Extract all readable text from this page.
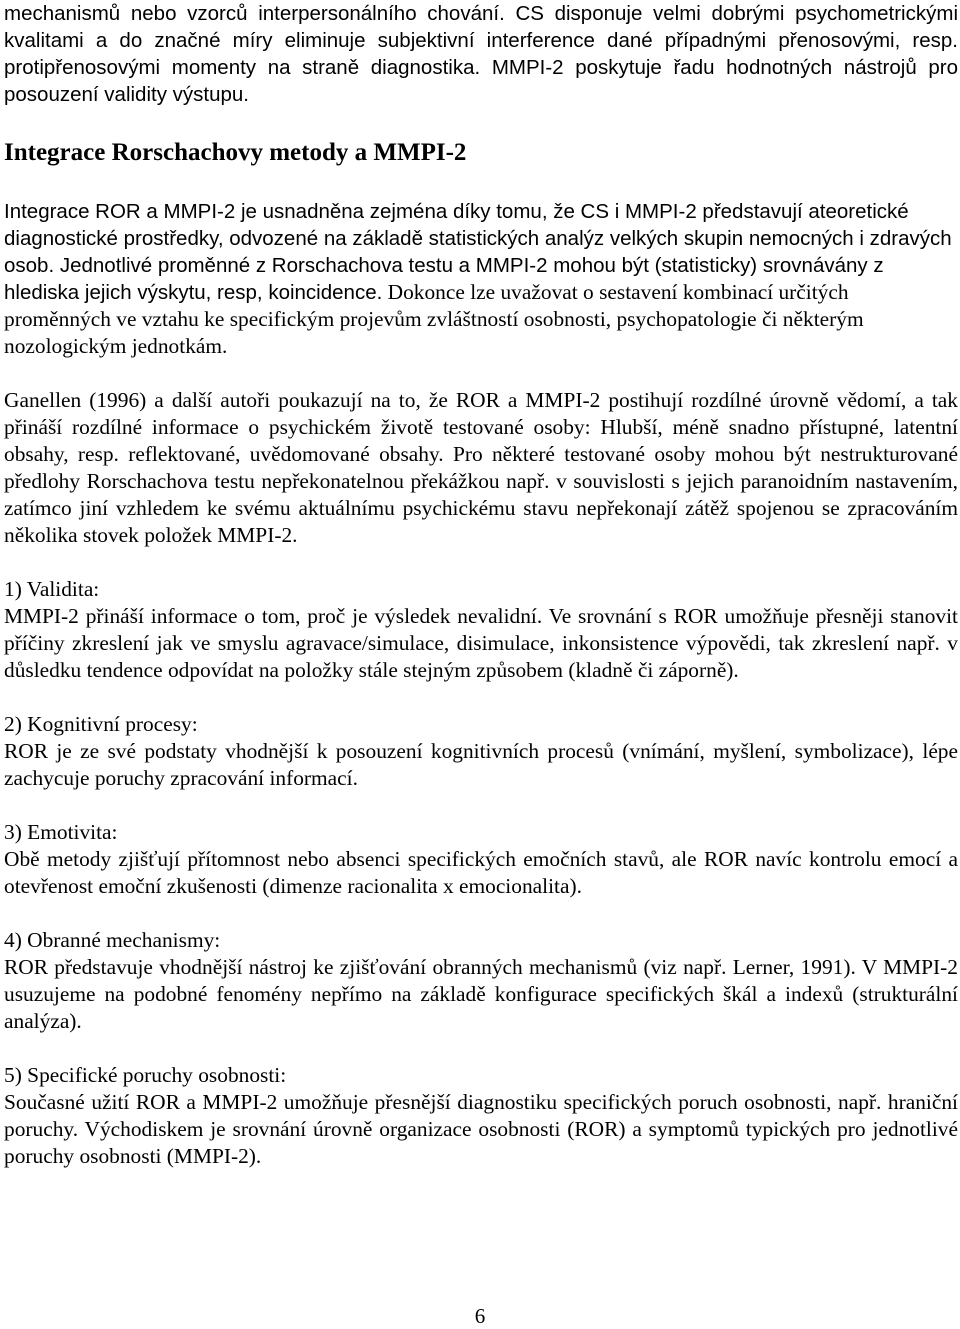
mechanismů nebo vzorců interpersonálního chování. CS disponuje velmi dobrými psychometrickými kvalitami a do značné míry eliminuje subjektivní interference dané případnými přenosovými, resp. protipřenosovými momenty na straně diagnostika. MMPI-2 poskytuje řadu hodnotných nástrojů pro posouzení validity výstupu.

Integrace Rorschachovy metody a MMPI-2

Integrace ROR a MMPI-2 je usnadněna zejména díky tomu, že CS i MMPI-2 představují ateoretické diagnostické prostředky, odvozené na základě statistických analýz velkých skupin nemocných i zdravých osob. Jednotlivé proměnné z Rorschachova testu a MMPI-2 mohou být (statisticky) srovnávány z hlediska jejich výskytu, resp, koincidence. Dokonce lze uvažovat o sestavení kombinací určitých proměnných ve vztahu ke specifickým projevům zvláštností osobnosti, psychopatologie či některým nozologickým jednotkám.

Ganellen (1996) a další autoři poukazují na to, že ROR a MMPI-2 postihují rozdílné úrovně vědomí, a tak přináší rozdílné informace o psychickém životě testované osoby: Hlubší, méně snadno přístupné, latentní obsahy, resp. reflektované, uvědomované obsahy. Pro některé testované osoby mohou být nestrukturované předlohy Rorschachova testu nepřekonatelnou překážkou např. v souvislosti s jejich paranoidním nastavením, zatímco jiní vzhledem ke svému aktuálnímu psychickému stavu nepřekonají zátěž spojenou se zpracováním několika stovek položek MMPI-2.

1) Validita:

MMPI-2 přináší informace o tom, proč je výsledek nevalidní. Ve srovnání s ROR umožňuje přesněji stanovit příčiny zkreslení jak ve smyslu agravace/simulace, disimulace, inkonsistence výpovědi, tak zkreslení např. v důsledku tendence odpovídat na položky stále stejným způsobem (kladně či záporně).

2) Kognitivní procesy:

ROR je ze své podstaty vhodnější k posouzení kognitivních procesů (vnímání, myšlení, symbolizace), lépe zachycuje poruchy zpracování informací.

3) Emotivita:

Obě metody zjišťují přítomnost nebo absenci specifických emočních stavů, ale ROR navíc kontrolu emocí a otevřenost emoční zkušenosti (dimenze racionalita x emocionalita).

4) Obranné mechanismy:

ROR představuje vhodnější nástroj ke zjišťování obranných mechanismů (viz např. Lerner, 1991). V MMPI-2 usuzujeme na podobné fenomény nepřímo na základě konfigurace specifických škál a indexů (strukturální analýza).

5) Specifické poruchy osobnosti:

Současné užití ROR a MMPI-2 umožňuje přesnější diagnostiku specifických poruch osobnosti, např. hraniční poruchy. Východiskem je srovnání úrovně organizace osobnosti (ROR) a symptomů typických pro jednotlivé poruchy osobnosti (MMPI-2).

6
